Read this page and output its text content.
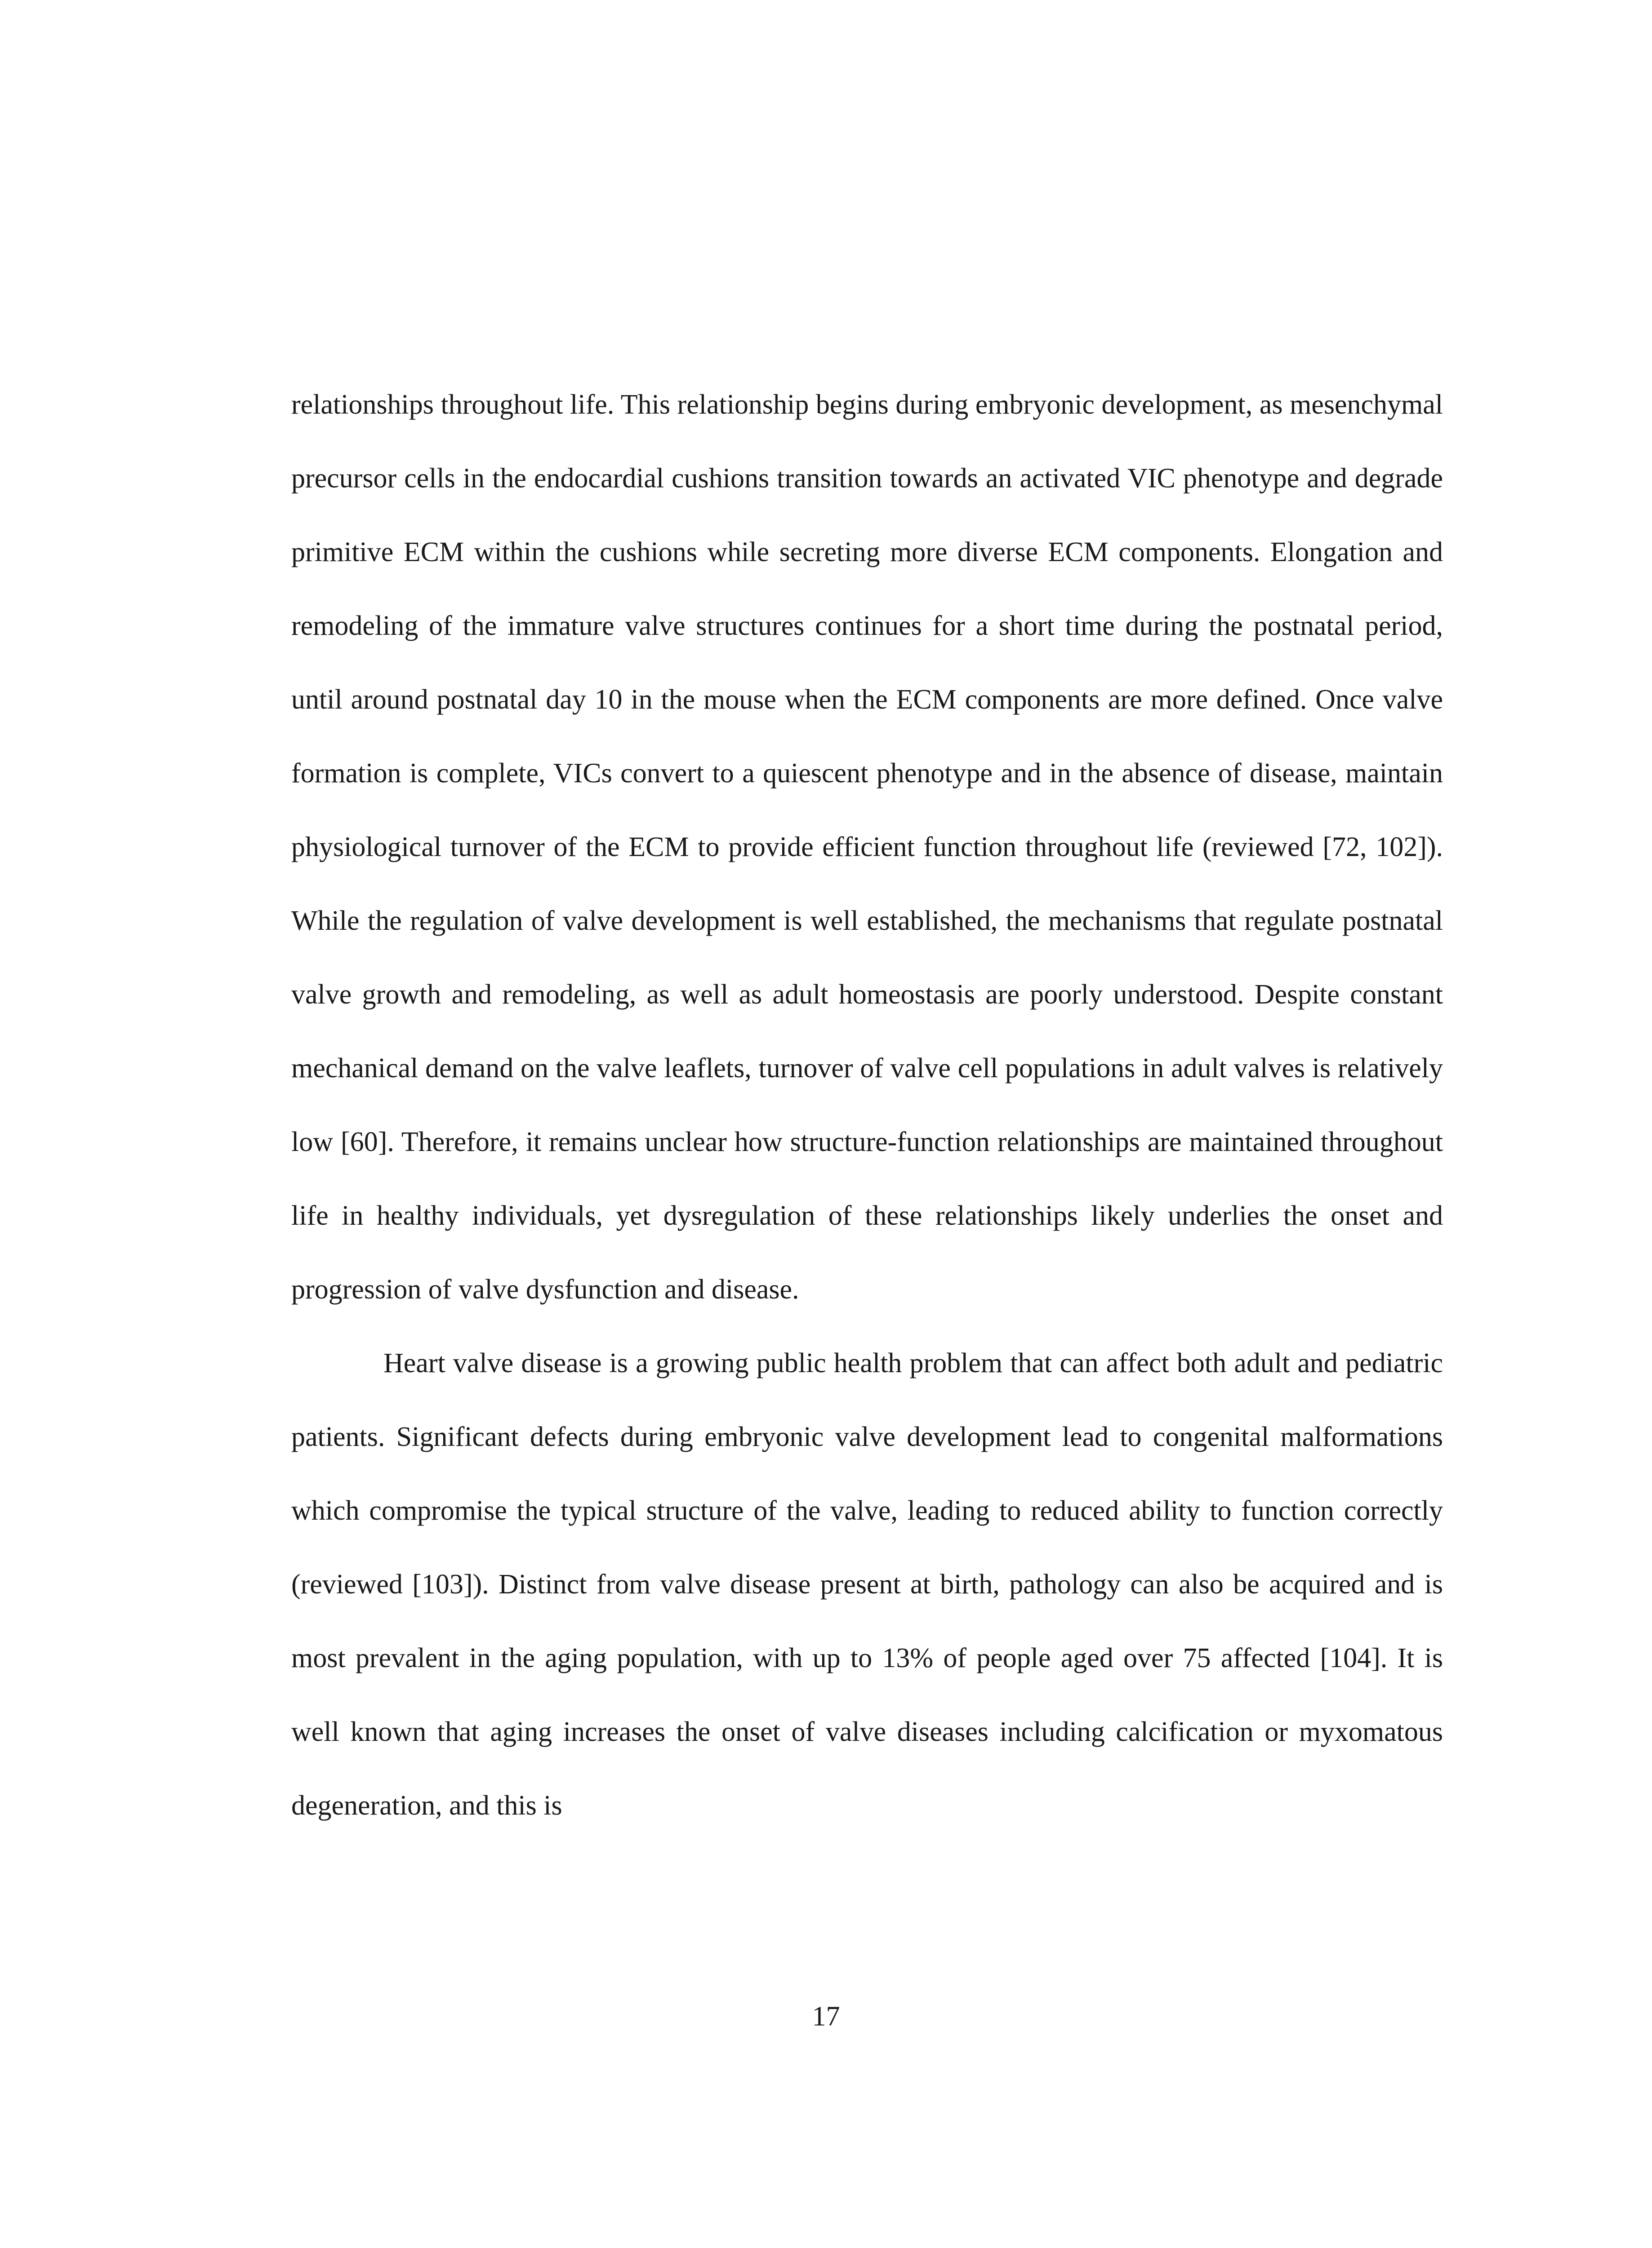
relationships throughout life. This relationship begins during embryonic development, as mesenchymal precursor cells in the endocardial cushions transition towards an activated VIC phenotype and degrade primitive ECM within the cushions while secreting more diverse ECM components. Elongation and remodeling of the immature valve structures continues for a short time during the postnatal period, until around postnatal day 10 in the mouse when the ECM components are more defined. Once valve formation is complete, VICs convert to a quiescent phenotype and in the absence of disease, maintain physiological turnover of the ECM to provide efficient function throughout life (reviewed [72, 102]). While the regulation of valve development is well established, the mechanisms that regulate postnatal valve growth and remodeling, as well as adult homeostasis are poorly understood. Despite constant mechanical demand on the valve leaflets, turnover of valve cell populations in adult valves is relatively low [60]. Therefore, it remains unclear how structure-function relationships are maintained throughout life in healthy individuals, yet dysregulation of these relationships likely underlies the onset and progression of valve dysfunction and disease.

Heart valve disease is a growing public health problem that can affect both adult and pediatric patients. Significant defects during embryonic valve development lead to congenital malformations which compromise the typical structure of the valve, leading to reduced ability to function correctly (reviewed [103]). Distinct from valve disease present at birth, pathology can also be acquired and is most prevalent in the aging population, with up to 13% of people aged over 75 affected [104]. It is well known that aging increases the onset of valve diseases including calcification or myxomatous degeneration, and this is

17
